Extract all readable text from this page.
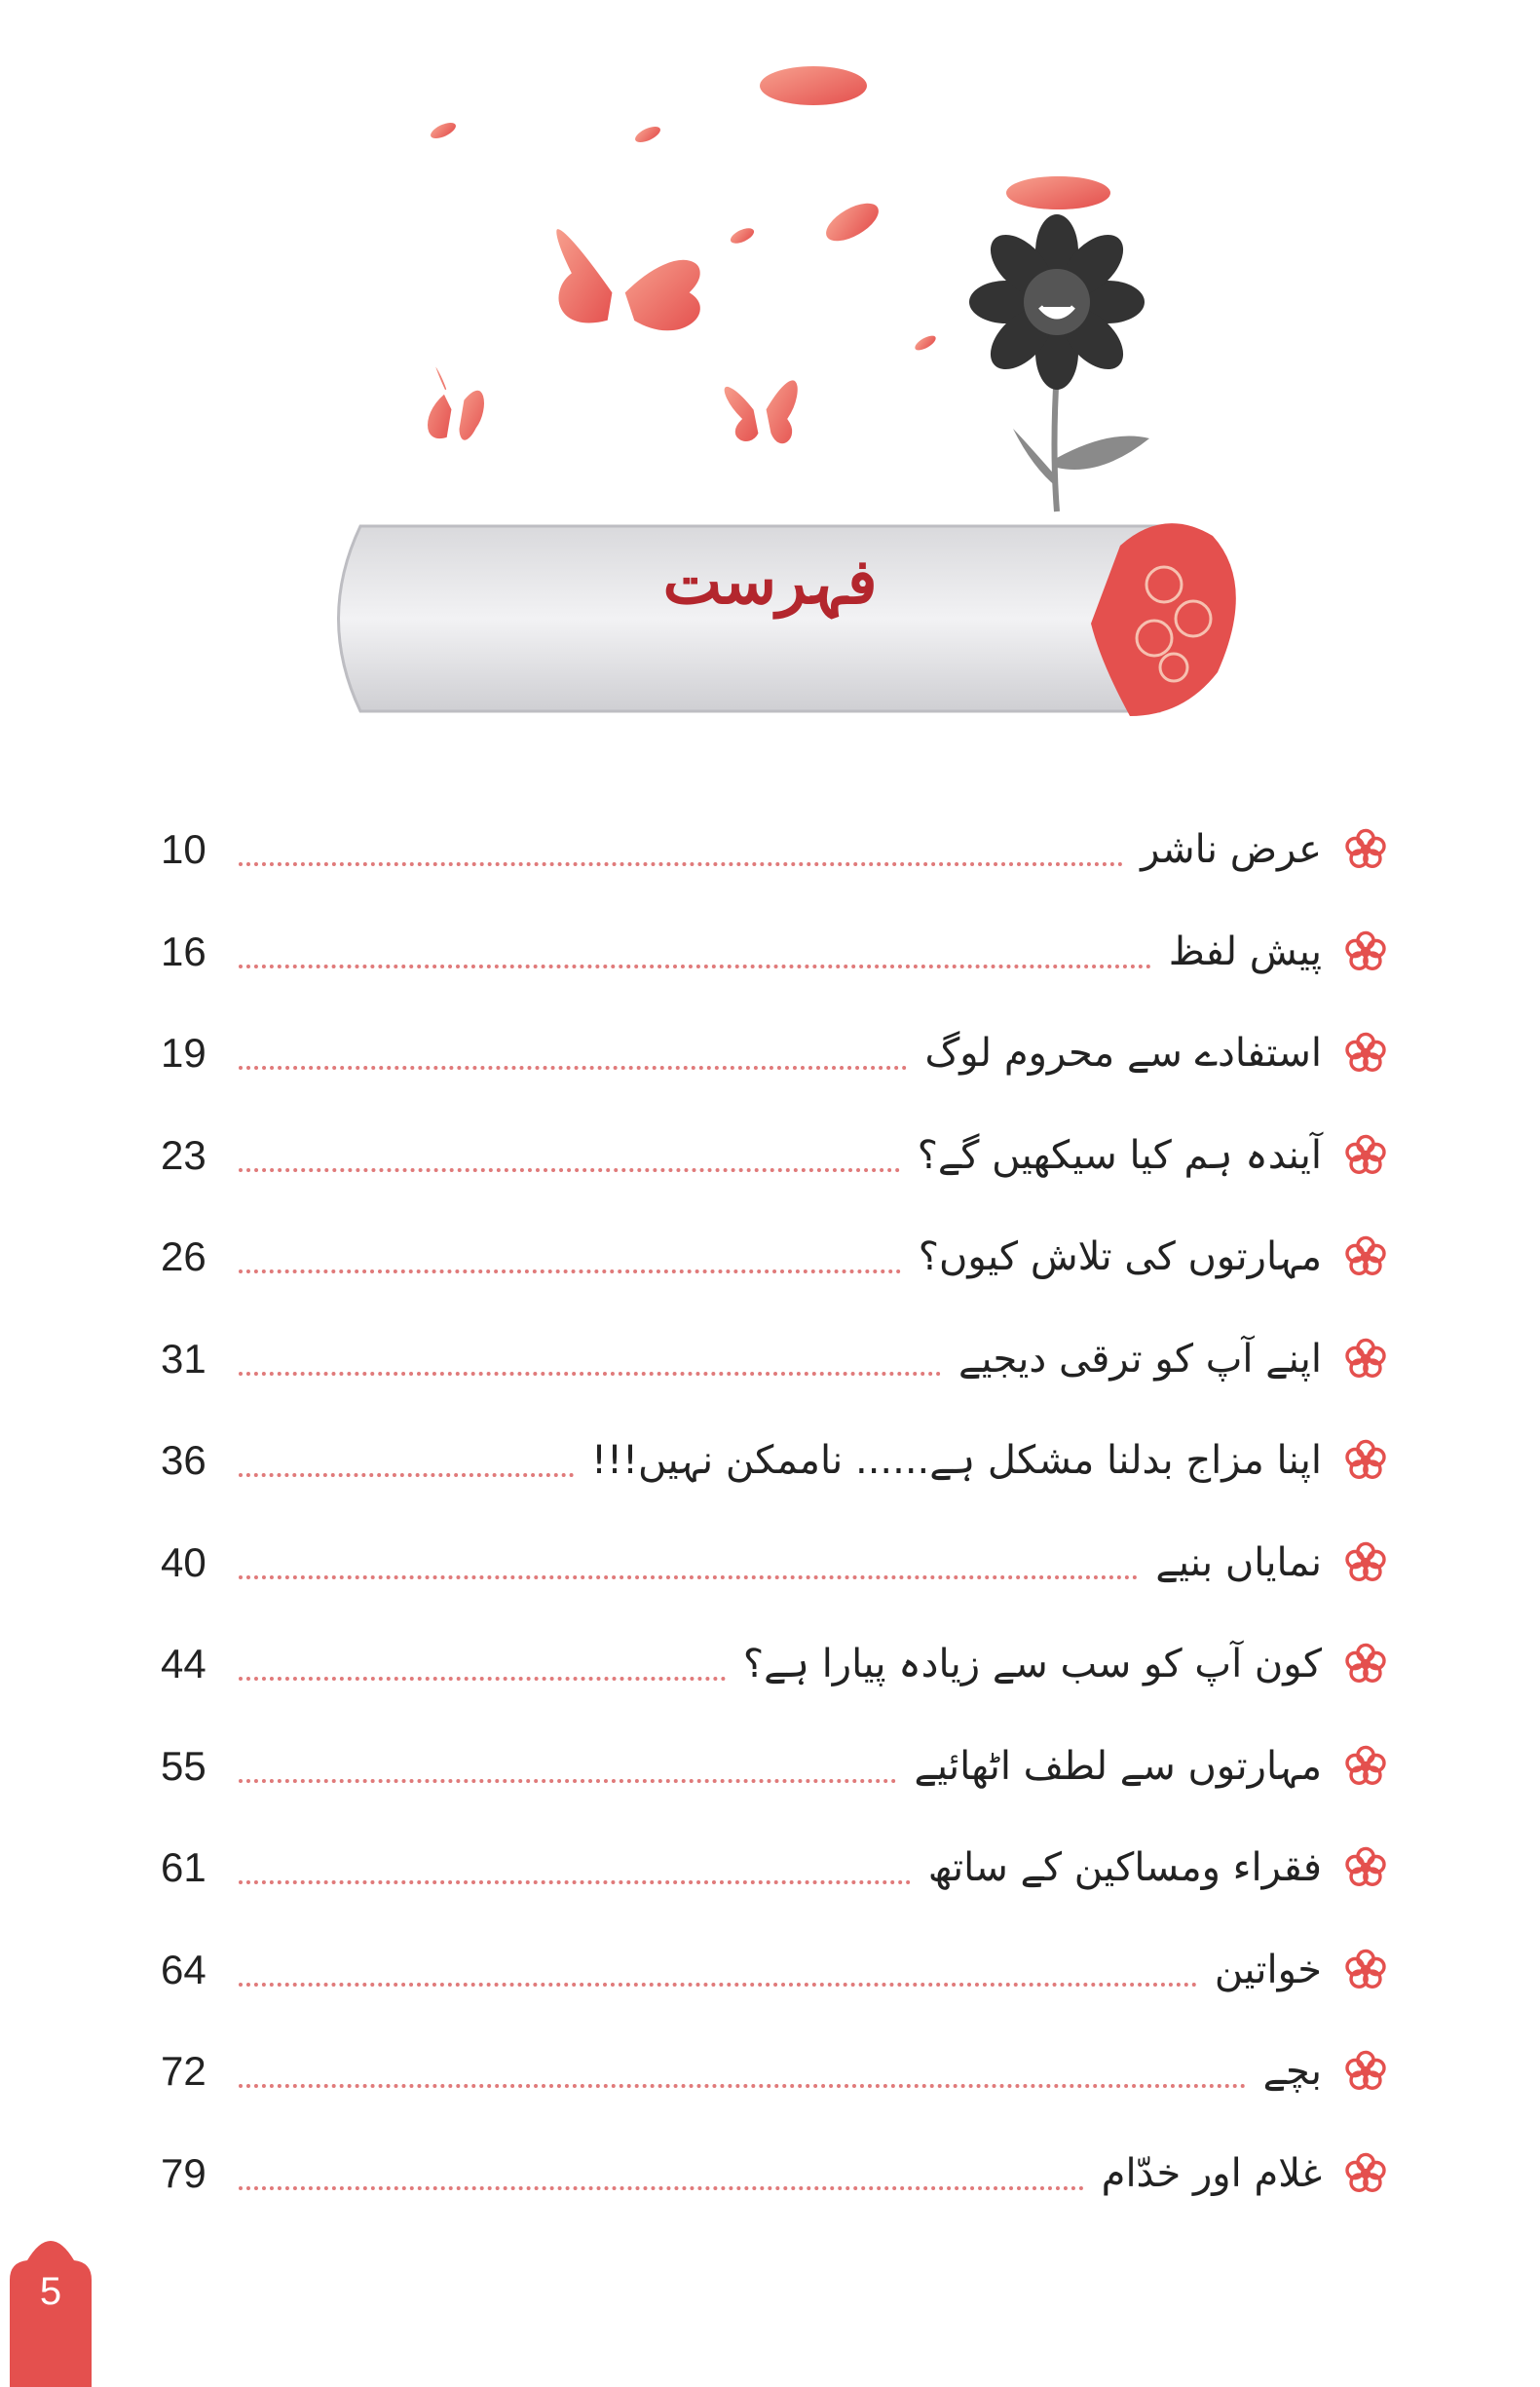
فہرست
عرض ناشر
10
پیش لفظ
16
استفادے سے محروم لوگ
19
آیندہ ہم کیا سیکھیں گے؟
23
مہارتوں کی تلاش کیوں؟
26
اپنے آپ کو ترقی دیجیے
31
اپنا مزاج بدلنا مشکل ہے...... ناممکن نہیں!!!
36
نمایاں بنیے
40
کون آپ کو سب سے زیادہ پیارا ہے؟
44
مہارتوں سے لطف اٹھائیے
55
فقراء ومساکین کے ساتھ
61
خواتین
64
بچے
72
غلام اور خدّام
79
5
